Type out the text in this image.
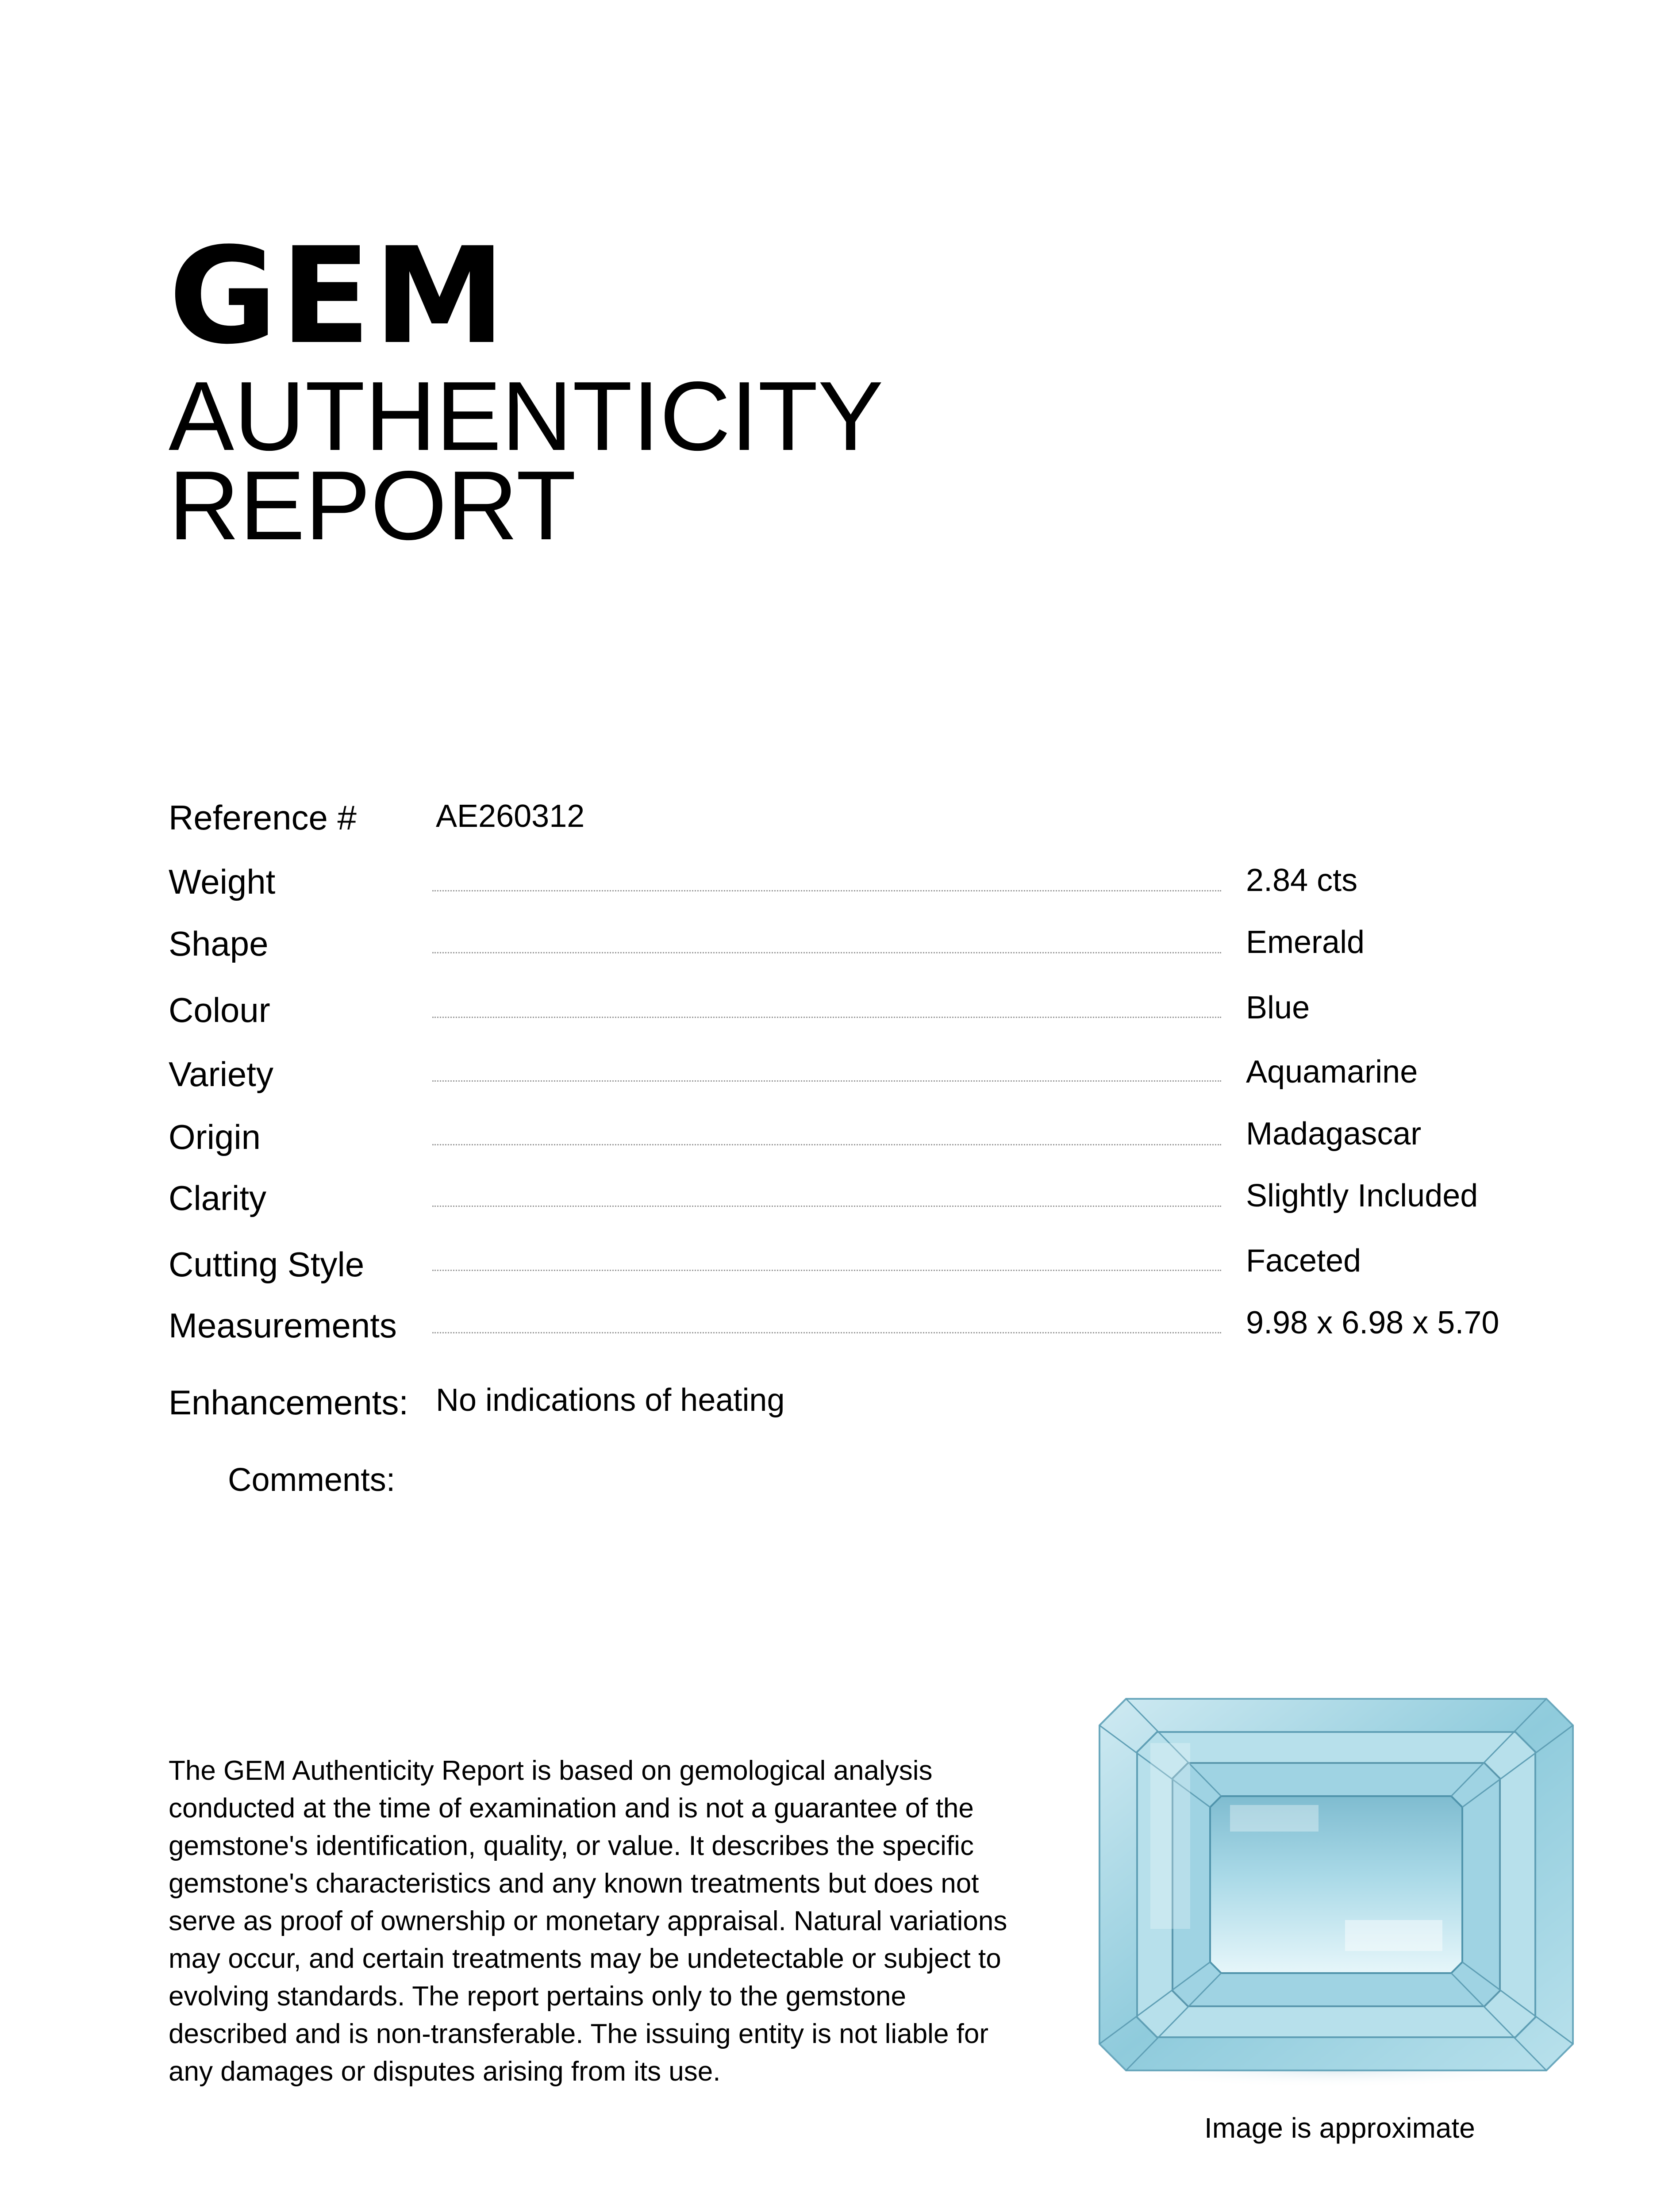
GEM
AUTHENTICITY
REPORT
Reference # AE260312
Weight	2.84 cts
Shape	Emerald
Colour	Blue
Variety	Aquamarine
Origin	Madagascar
Clarity	Slightly Included
Cutting Style	Faceted
Measurements	9.98 x 6.98 x 5.70
Enhancements: No indications of heating
Comments:

The GEM Authenticity Report is based on gemological analysis conducted at the time of examination and is not a guarantee of the gemstone's identification, quality, or value. It describes the specific gemstone's characteristics and any known treatments but does not serve as proof of ownership or monetary appraisal. Natural variations may occur, and certain treatments may be undetectable or subject to evolving standards. The report pertains only to the gemstone described and is non-transferable. The issuing entity is not liable for any damages or disputes arising from its use.

Image is approximate
